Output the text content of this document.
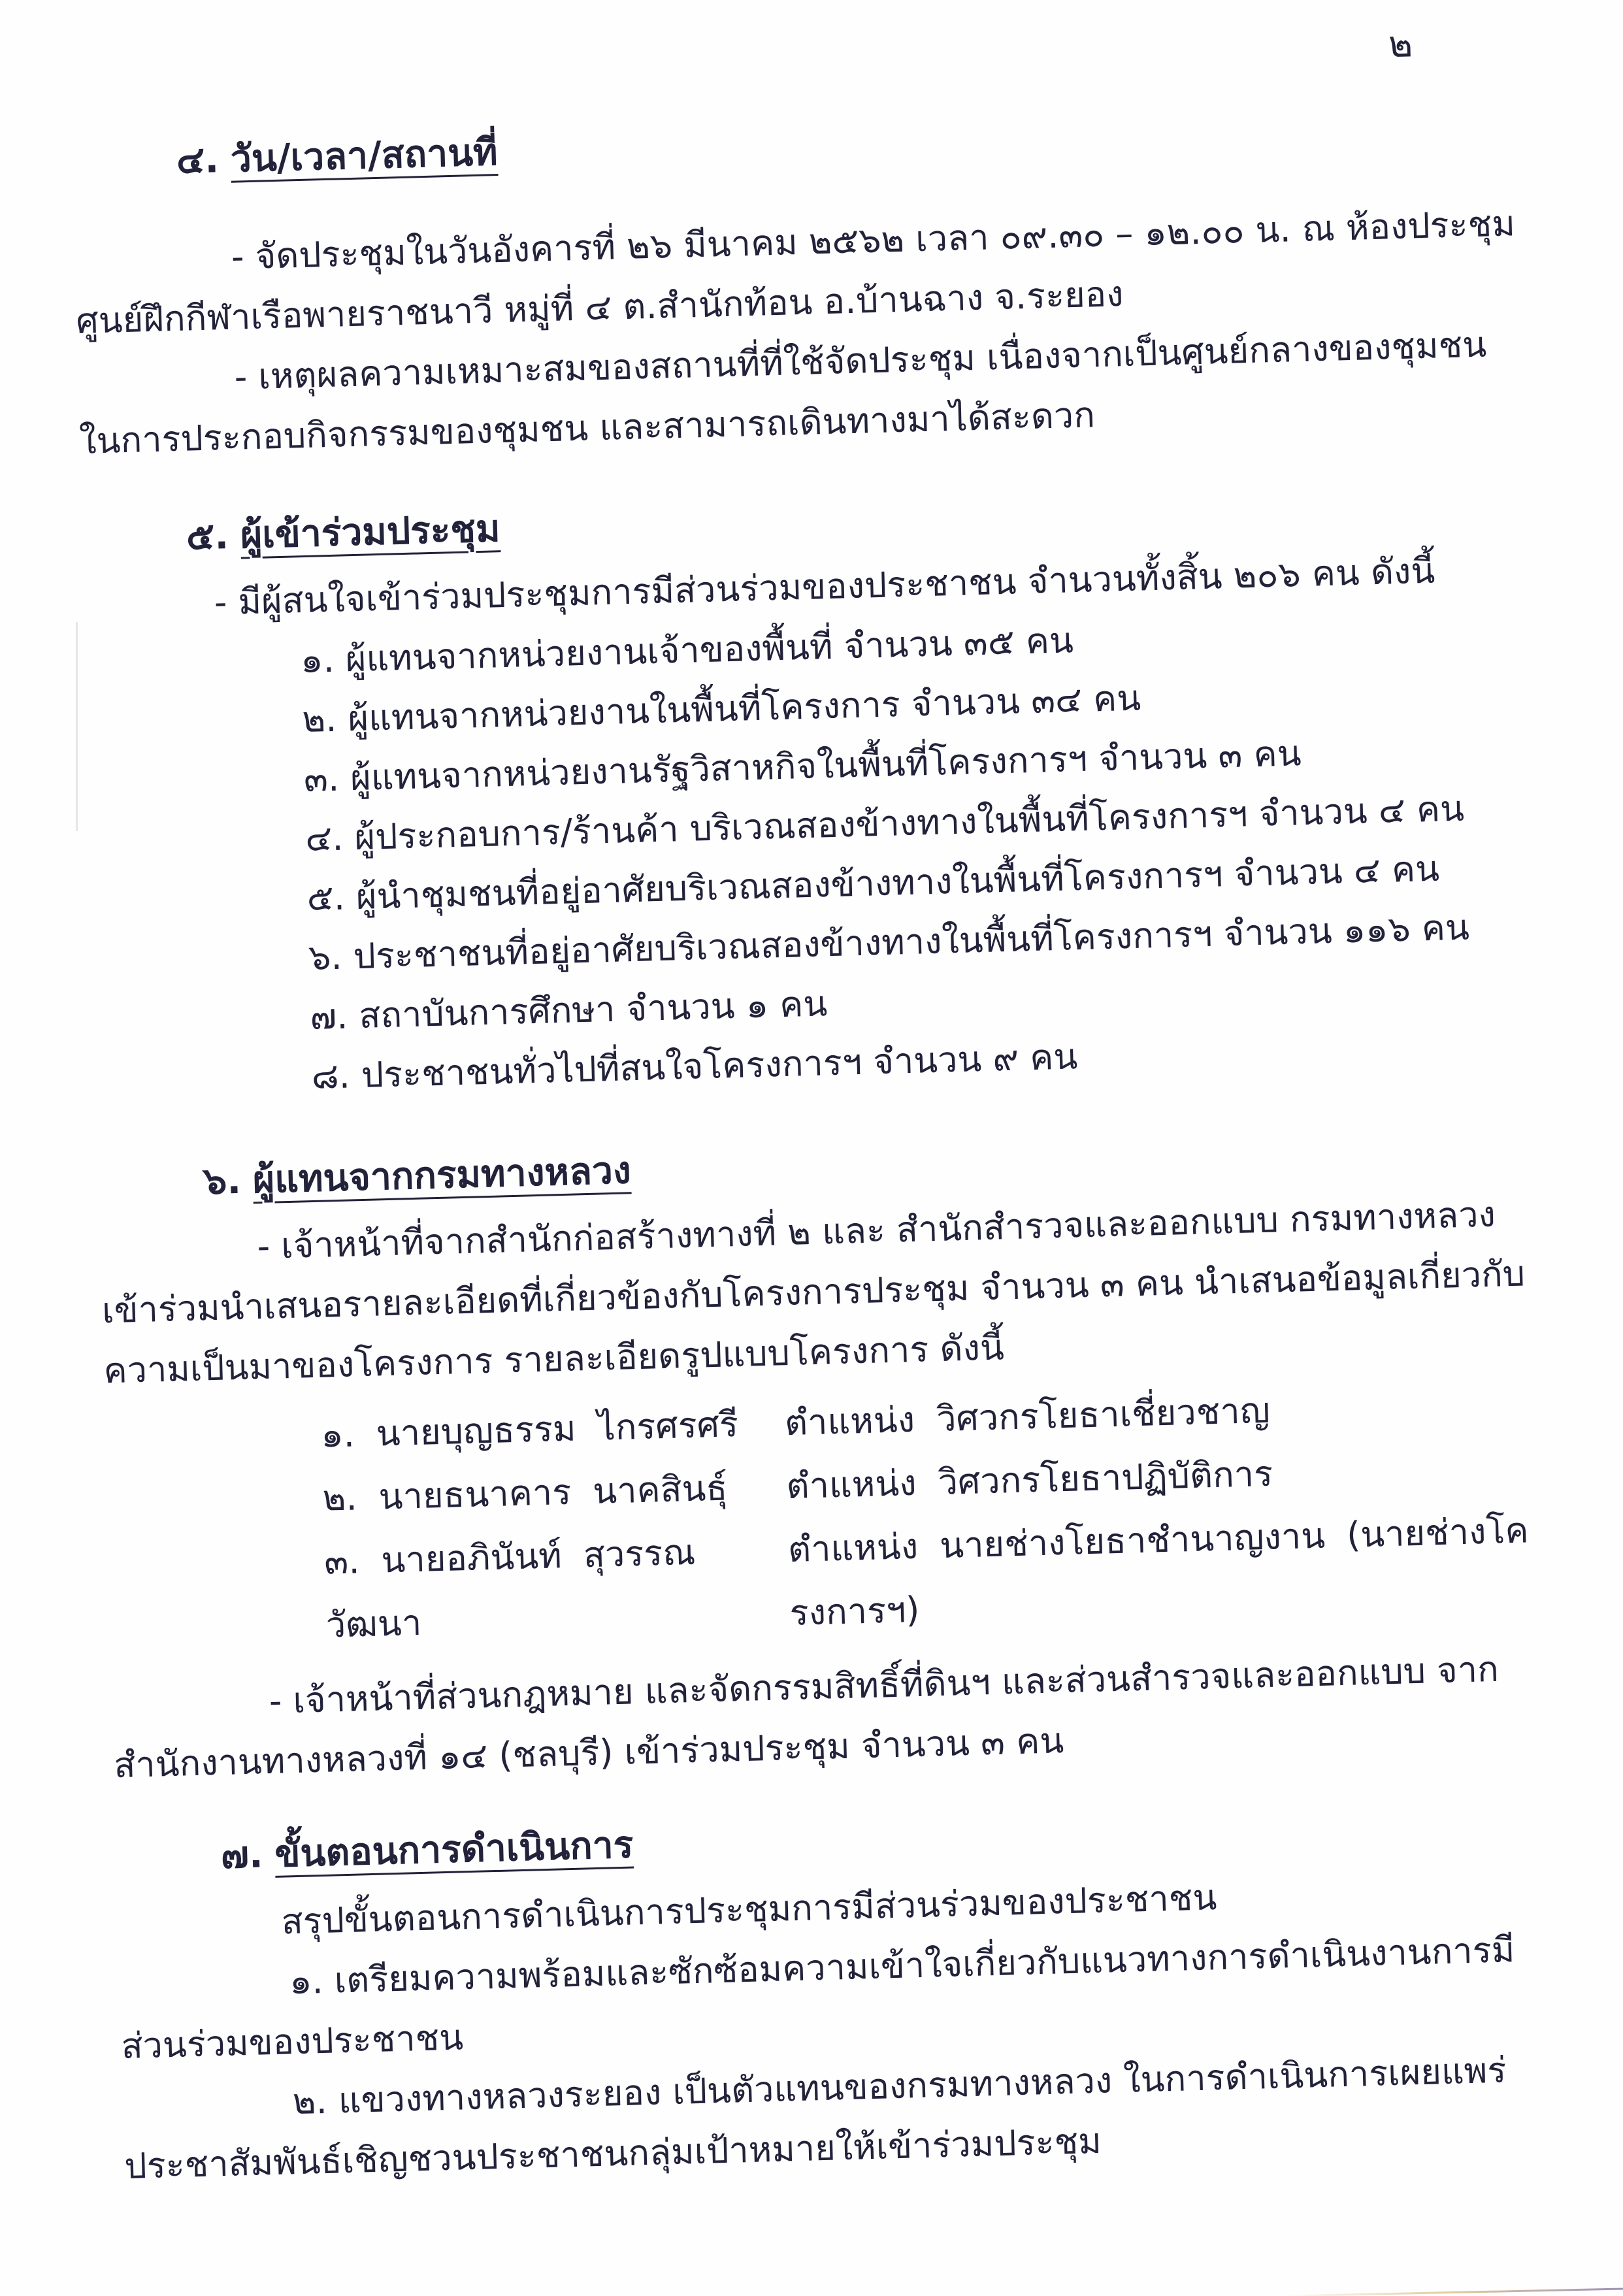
๒
๔. วัน/เวลา/สถานที่

- จัดประชุมในวันอังคารที่ ๒๖ มีนาคม ๒๕๖๒ เวลา ๐๙.๓๐ – ๑๒.๐๐ น. ณ ห้องประชุมศูนย์ฝึกกีฬาเรือพายราชนาวี หมู่ที่ ๔ ต.สำนักท้อน อ.บ้านฉาง จ.ระยอง

- เหตุผลความเหมาะสมของสถานที่ที่ใช้จัดประชุม เนื่องจากเป็นศูนย์กลางของชุมชน ในการประกอบกิจกรรมของชุมชน และสามารถเดินทางมาได้สะดวก

๕. ผู้เข้าร่วมประชุม

- มีผู้สนใจเข้าร่วมประชุมการมีส่วนร่วมของประชาชน จำนวนทั้งสิ้น ๒๐๖ คน ดังนี้

๑. ผู้แทนจากหน่วยงานเจ้าของพื้นที่ จำนวน ๓๕ คน
๒. ผู้แทนจากหน่วยงานในพื้นที่โครงการ จำนวน ๓๔ คน
๓. ผู้แทนจากหน่วยงานรัฐวิสาหกิจในพื้นที่โครงการฯ จำนวน ๓ คน
๔. ผู้ประกอบการ/ร้านค้า บริเวณสองข้างทางในพื้นที่โครงการฯ จำนวน ๔ คน
๕. ผู้นำชุมชนที่อยู่อาศัยบริเวณสองข้างทางในพื้นที่โครงการฯ จำนวน ๔ คน
๖. ประชาชนที่อยู่อาศัยบริเวณสองข้างทางในพื้นที่โครงการฯ จำนวน ๑๑๖ คน
๗. สถาบันการศึกษา จำนวน ๑ คน
๘. ประชาชนทั่วไปที่สนใจโครงการฯ จำนวน ๙ คน
๖. ผู้แทนจากกรมทางหลวง

- เจ้าหน้าที่จากสำนักก่อสร้างทางที่ ๒ และ สำนักสำรวจและออกแบบ กรมทางหลวง เข้าร่วมนำเสนอรายละเอียดที่เกี่ยวข้องกับโครงการประชุม จำนวน ๓ คน นำเสนอข้อมูลเกี่ยวกับ ความเป็นมาของโครงการ รายละเอียดรูปแบบโครงการ ดังนี้

๑. นายบุญธรรม ไกรศรศรี	ตำแหน่ง วิศวกรโยธาเชี่ยวชาญ
๒. นายธนาคาร นาคสินธุ์	ตำแหน่ง วิศวกรโยธาปฏิบัติการ
๓. นายอภินันท์ สุวรรณวัฒนา
ตำแหน่ง นายช่างโยธาชำนาญงาน (นายช่างโครงการฯ)

- เจ้าหน้าที่ส่วนกฎหมาย และจัดกรรมสิทธิ์ที่ดินฯ และส่วนสำรวจและออกแบบ จากสำนักงานทางหลวงที่ ๑๔ (ชลบุรี) เข้าร่วมประชุม จำนวน ๓ คน

๗. ขั้นตอนการดำเนินการ

สรุปขั้นตอนการดำเนินการประชุมการมีส่วนร่วมของประชาชน

๑. เตรียมความพร้อมและซักซ้อมความเข้าใจเกี่ยวกับแนวทางการดำเนินงานการมีส่วนร่วมของประชาชน

๒. แขวงทางหลวงระยอง เป็นตัวแทนของกรมทางหลวง ในการดำเนินการเผยแพร่ประชาสัมพันธ์เชิญชวนประชาชนกลุ่มเป้าหมายให้เข้าร่วมประชุม
